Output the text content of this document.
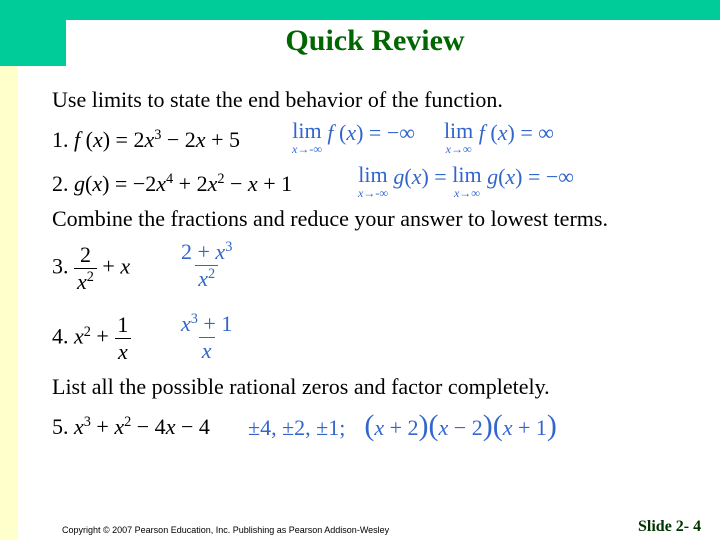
Quick Review
Use limits to state the end behavior of the function.
1. f $(x) = 2x^3 - 2x + 5$ lim
x→-∞
f (x) = −∞  lim
x→∞
f (x) = ∞
2. $g(x) = -2x^4 + 2x^2 - x + 1$	lim
x→-∞
g(x) = lim
x→∞
g(x) = −∞
Combine the fractions and reduce your answer to lowest terms.
3. $\frac{2}{x^2} + x \frac{2 + x^3}{x^2}$
4. $x^2 + \frac{1}{x} \frac{x^3 + 1}{x}$
List all the possible rational zeros and factor completely.
5. $x^3 + x^2 - 4x - 4 \pm 4$, ±2, ±1;  (x + 2)(x − 2)(x + 1)
Copyright © 2007 Pearson Education, Inc. Publishing as Pearson Addison-Wesley	Slide 2- 4
